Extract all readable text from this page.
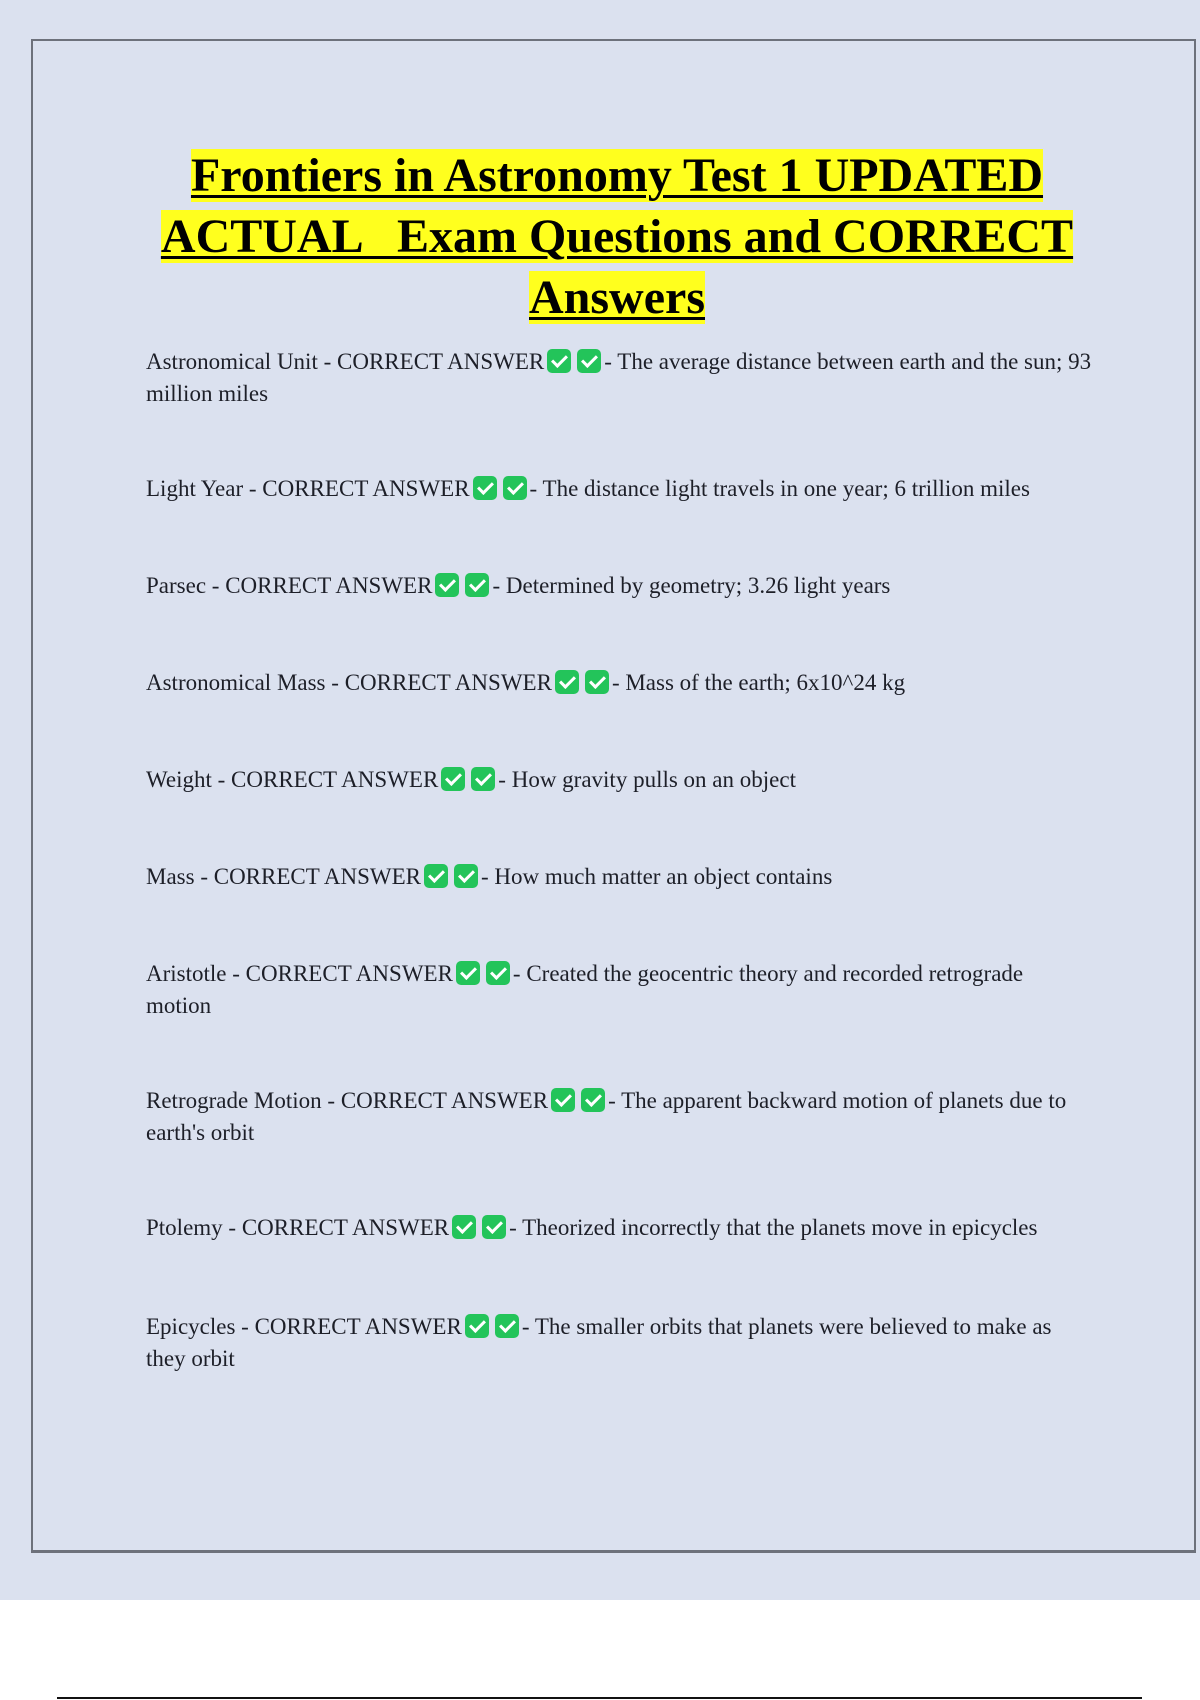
Frontiers in Astronomy Test 1 UPDATED
ACTUAL   Exam Questions and CORRECT
Answers

Astronomical Unit - CORRECT ANSWER	- The average distance between earth and the sun; 93 million miles

Light Year - CORRECT ANSWER	- The distance light travels in one year; 6 trillion miles

Parsec - CORRECT ANSWER	- Determined by geometry; 3.26 light years

Astronomical Mass - CORRECT ANSWER	- Mass of the earth; 6x10^24 kg

Weight - CORRECT ANSWER	- How gravity pulls on an object

Mass - CORRECT ANSWER	- How much matter an object contains

Aristotle - CORRECT ANSWER	- Created the geocentric theory and recorded retrograde motion

Retrograde Motion - CORRECT ANSWER	- The apparent backward motion of planets due to earth's orbit

Ptolemy - CORRECT ANSWER	- Theorized incorrectly that the planets move in epicycles

Epicycles - CORRECT ANSWER	- The smaller orbits that planets were believed to make as they orbit
